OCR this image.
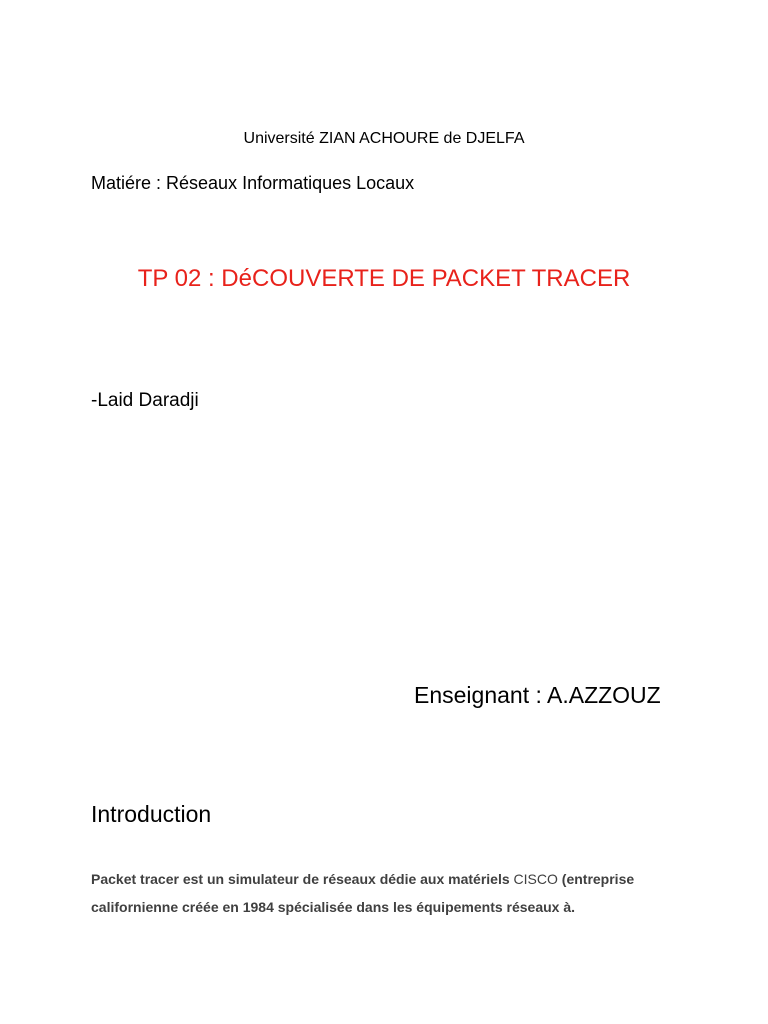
Université ZIAN ACHOURE de DJELFA
Matiére : Réseaux Informatiques Locaux
TP 02 : DéCOUVERTE DE PACKET TRACER
-Laid Daradji
Enseignant : A.AZZOUZ
Introduction

Packet tracer est un simulateur de réseaux dédie aux matériels CISCO (entreprise californienne créée en 1984 spécialisée dans les équipements réseaux à.
